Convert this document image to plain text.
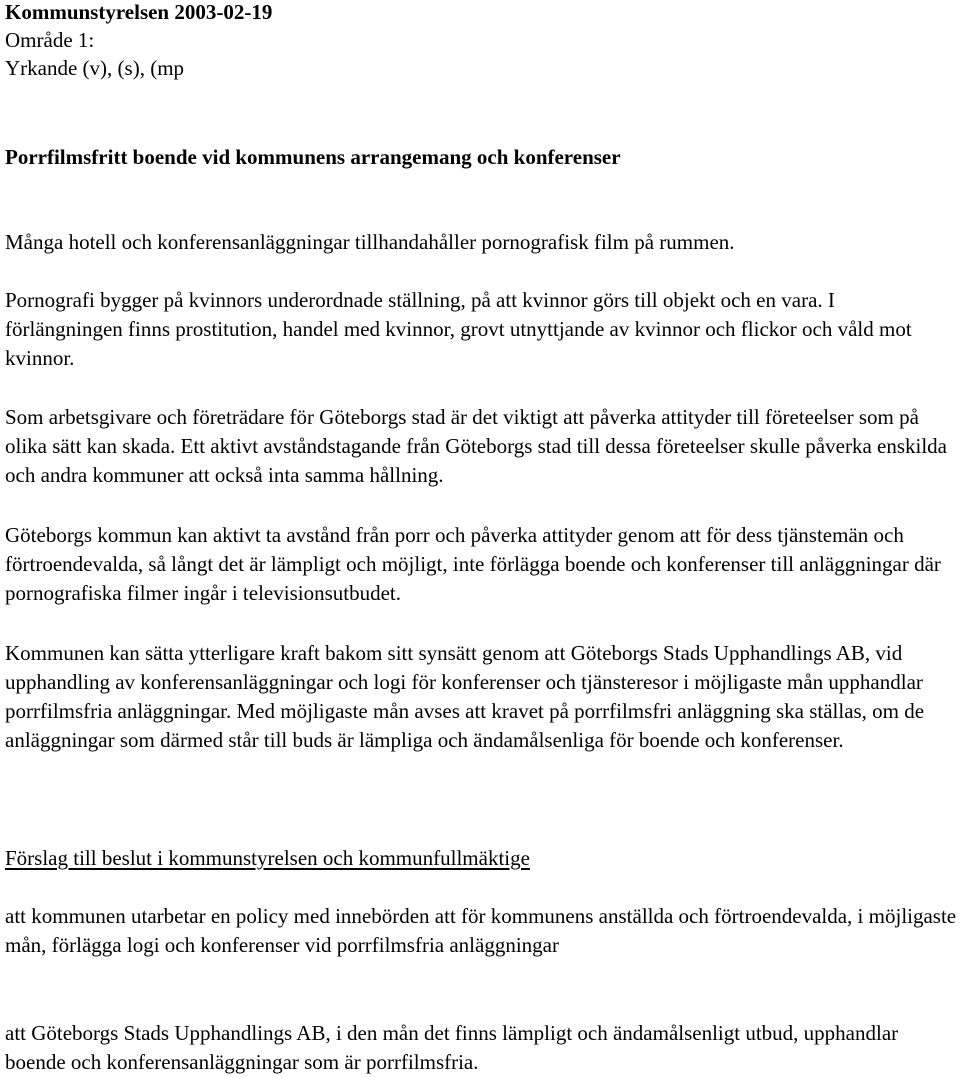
Kommunstyrelsen 2003-02-19

Område 1:

Yrkande (v), (s), (mp

Porrfilmsfritt boende vid kommunens arrangemang och konferenser

Många hotell och konferensanläggningar tillhandahåller pornografisk film på rummen.

Pornografi bygger på kvinnors underordnade ställning, på att kvinnor görs till objekt och en vara. I förlängningen finns prostitution, handel med kvinnor, grovt utnyttjande av kvinnor och flickor och våld mot kvinnor.

Som arbetsgivare och företrädare för Göteborgs stad är det viktigt att påverka attityder till företeelser som på olika sätt kan skada. Ett aktivt avståndstagande från Göteborgs stad till dessa företeelser skulle påverka enskilda och andra kommuner att också inta samma hållning.

Göteborgs kommun kan aktivt ta avstånd från porr och påverka attityder genom att för dess tjänstemän och förtroendevalda, så långt det är lämpligt och möjligt, inte förlägga boende och konferenser till anläggningar där pornografiska filmer ingår i televisionsutbudet.

Kommunen kan sätta ytterligare kraft bakom sitt synsätt genom att Göteborgs Stads Upphandlings AB, vid upphandling av konferensanläggningar och logi för konferenser och tjänsteresor i möjligaste mån upphandlar porrfilmsfria anläggningar. Med möjligaste mån avses att kravet på porrfilmsfri anläggning ska ställas, om de anläggningar som därmed står till buds är lämpliga och ändamålsenliga för boende och konferenser.

Förslag till beslut i kommunstyrelsen och kommunfullmäktige

att kommunen utarbetar en policy med innebörden att för kommunens anställda och förtroendevalda, i möjligaste mån, förlägga logi och konferenser vid porrfilmsfria anläggningar

att Göteborgs Stads Upphandlings AB, i den mån det finns lämpligt och ändamålsenligt utbud, upphandlar boende och konferensanläggningar som är porrfilmsfria.
